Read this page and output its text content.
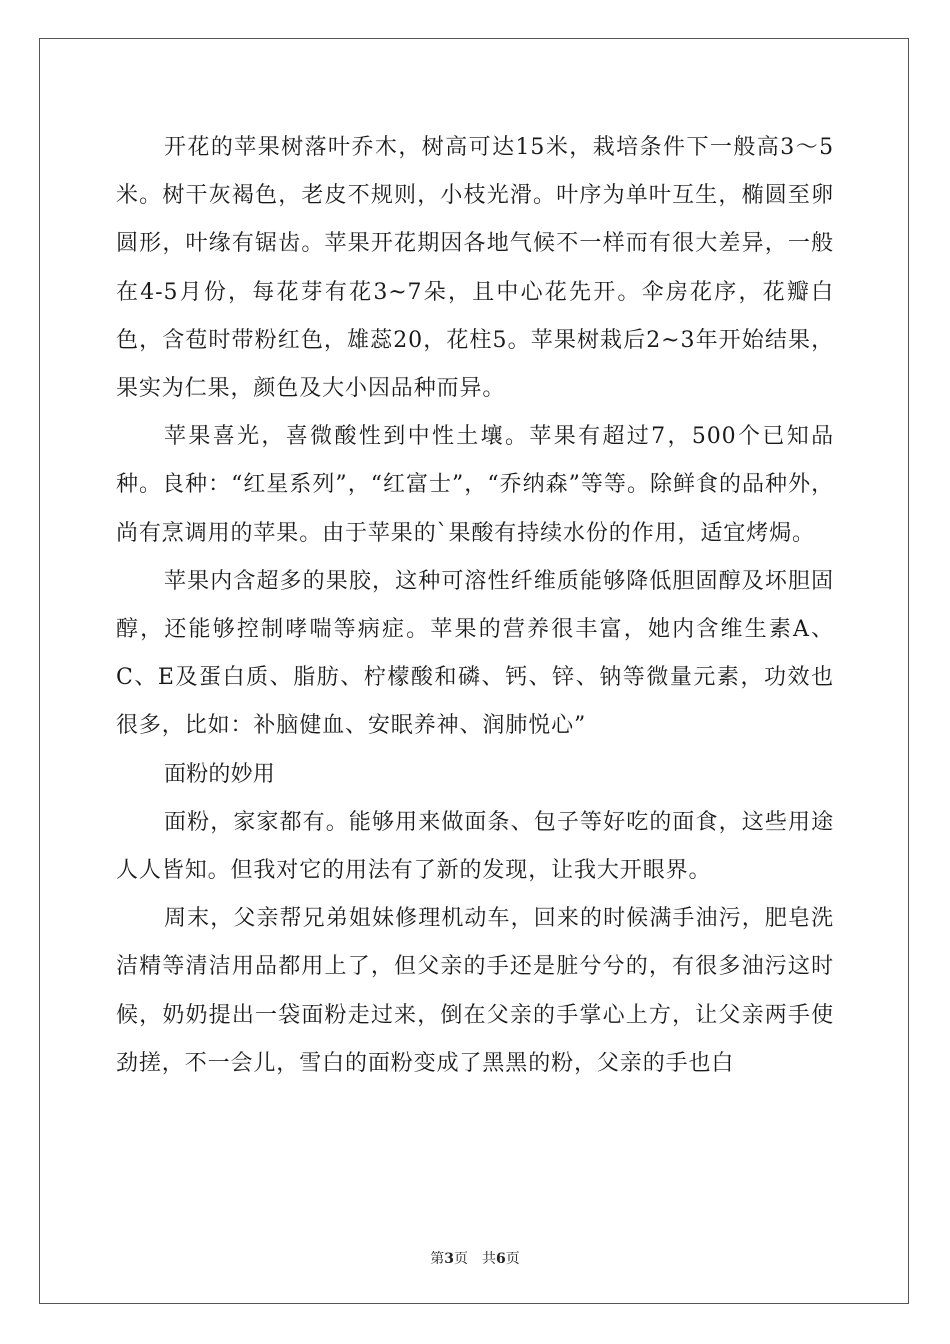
开花的苹果树落叶乔木，树高可达15米，栽培条件下一般高3～5米。树干灰褐色，老皮不规则，小枝光滑。叶序为单叶互生，椭圆至卵圆形，叶缘有锯齿。苹果开花期因各地气候不一样而有很大差异，一般在4-5月份，每花芽有花3~7朵，且中心花先开。伞房花序，花瓣白色，含苞时带粉红色，雄蕊20，花柱5。苹果树栽后2~3年开始结果，果实为仁果，颜色及大小因品种而异。

苹果喜光，喜微酸性到中性土壤。苹果有超过7，500个已知品种。良种：“红星系列”，“红富士”，“乔纳森”等等。除鲜食的品种外，尚有烹调用的苹果。由于苹果的`果酸有持续水份的作用，适宜烤焗。

苹果内含超多的果胶，这种可溶性纤维质能够降低胆固醇及坏胆固醇，还能够控制哮喘等病症。苹果的营养很丰富，她内含维生素A、C、E及蛋白质、脂肪、柠檬酸和磷、钙、锌、钠等微量元素，功效也很多，比如：补脑健血、安眠养神、润肺悦心”

面粉的妙用

面粉，家家都有。能够用来做面条、包子等好吃的面食，这些用途人人皆知。但我对它的用法有了新的发现，让我大开眼界。

周末，父亲帮兄弟姐妹修理机动车，回来的时候满手油污，肥皂洗洁精等清洁用品都用上了，但父亲的手还是脏兮兮的，有很多油污这时候，奶奶提出一袋面粉走过来，倒在父亲的手掌心上方，让父亲两手使劲搓，不一会儿，雪白的面粉变成了黑黑的粉，父亲的手也白

第3页 共6页
